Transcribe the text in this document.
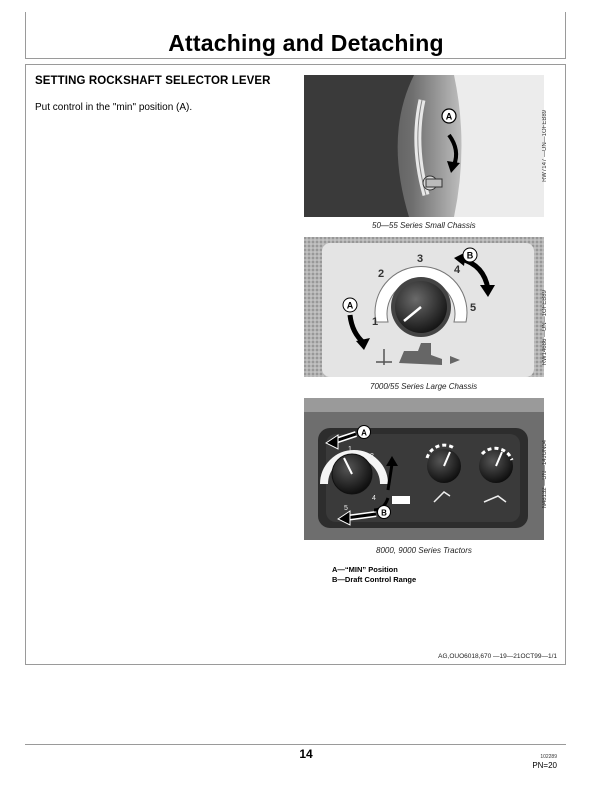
Attaching and Detaching
SETTING ROCKSHAFT SELECTOR LEVER
Put control in the "min" position (A).
A	RW7147 —UN—1OFEB89
50—55 Series Small Chassis
1
2
3
4
5
A
B
RW14686 —UN—1OFEB89
7000/55 Series Large Chassis
1
2
3
4
5
A
B
N48132 —UN—14JUN04
8000, 9000 Series Tractors
A—“MIN” Position
B—Draft Control Range
AG,OUO6018,670 —19—21OCT99—1/1
14	102289
PN=20
